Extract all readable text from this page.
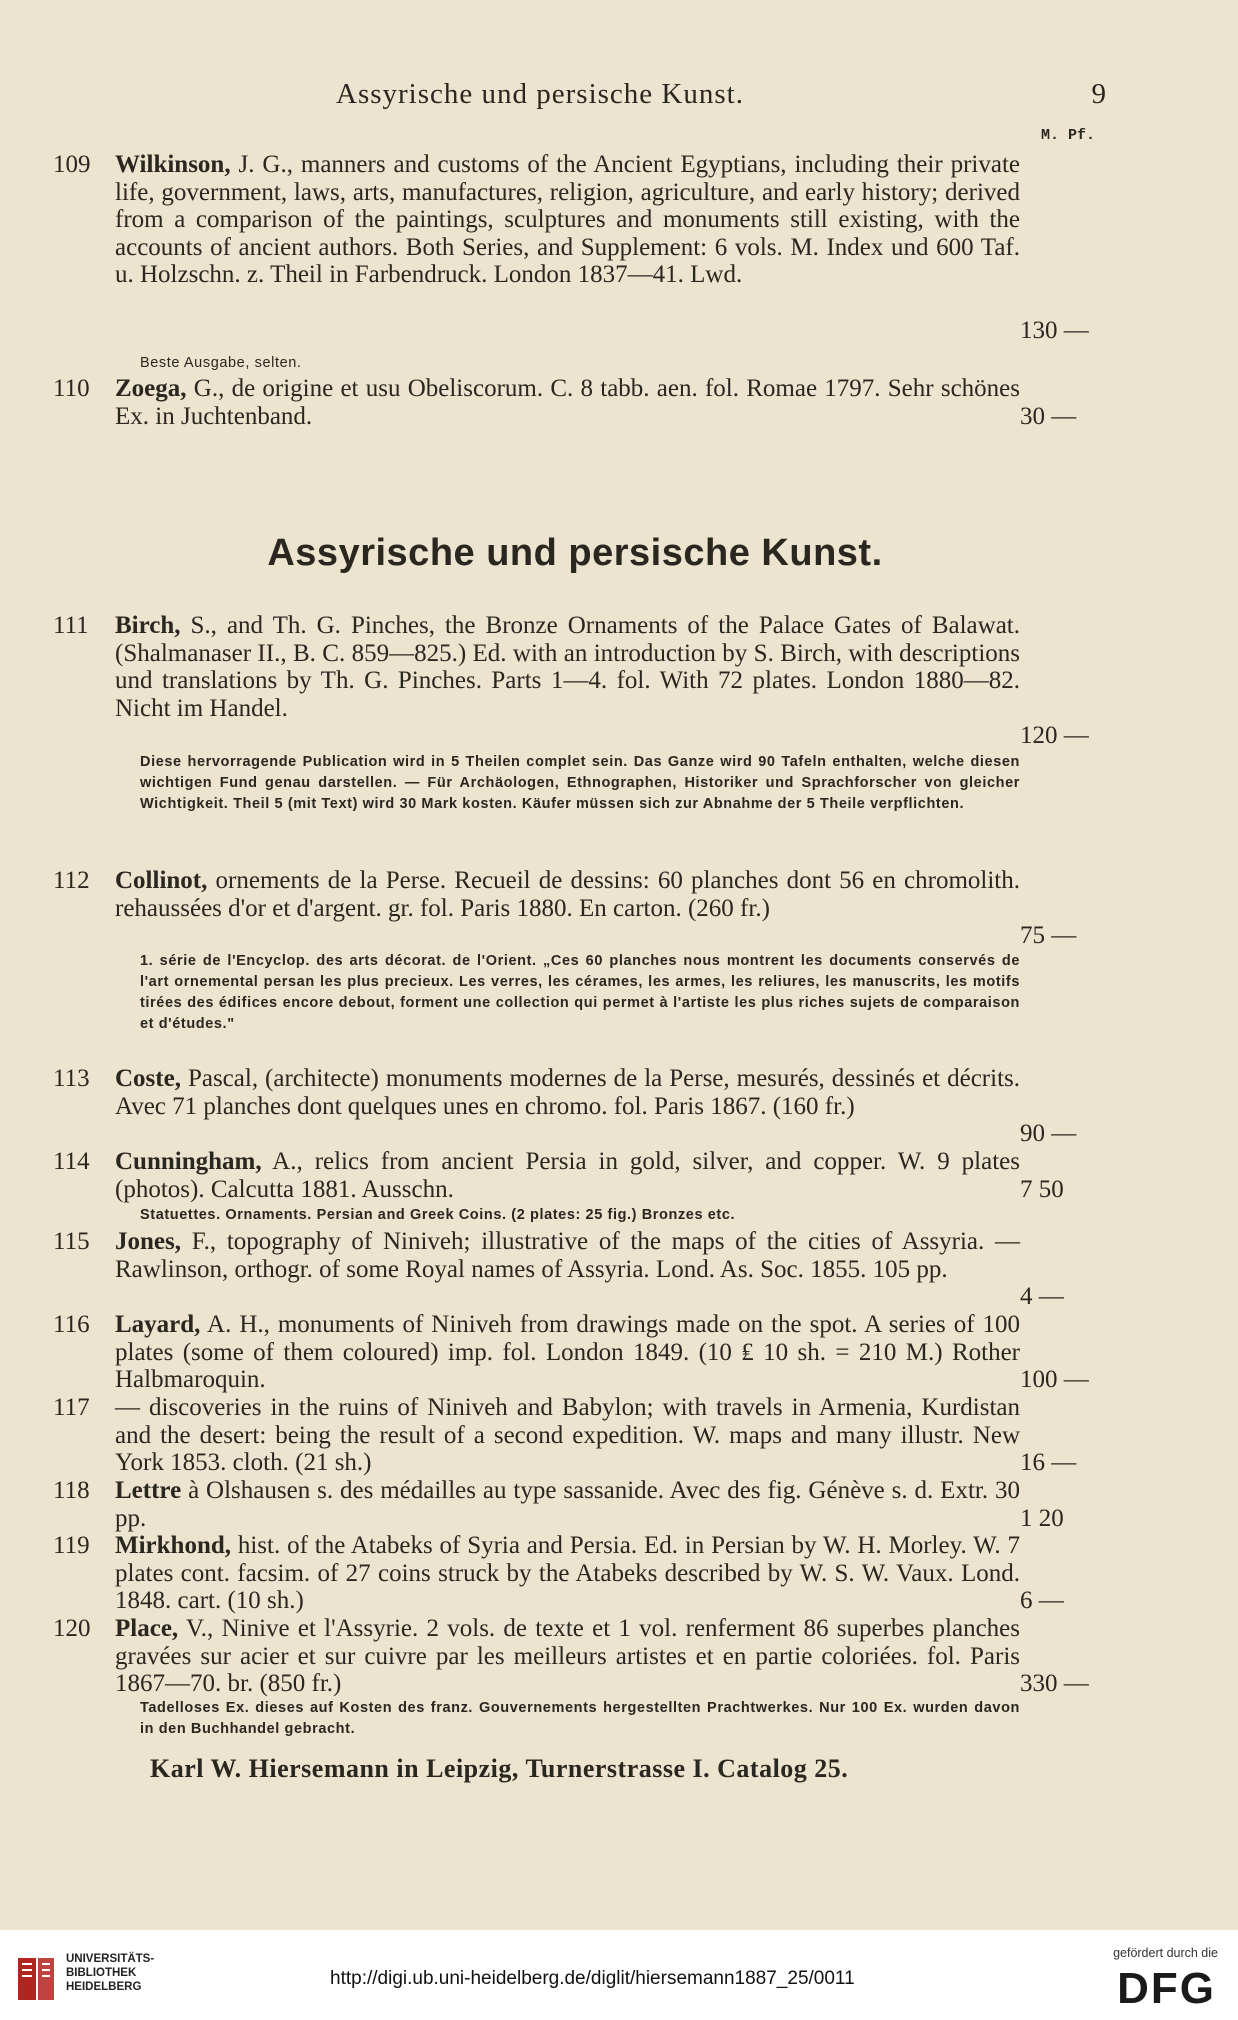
Assyrische und persische Kunst.	9
M. Pf.
109 Wilkinson, J. G., manners and customs of the Ancient Egyptians, including their private life, government, laws, arts, manufactures, religion, agriculture, and early history; derived from a comparison of the paintings, sculptures and monuments still existing, with the accounts of ancient authors. Both Series, and Supplement: 6 vols. M. Index und 600 Taf. u. Holzschn. z. Theil in Farbendruck. London 1837—41. Lwd.
130 —
Beste Ausgabe, selten.
110	Zoega, G., de origine et usu Obeliscorum. C. 8 tabb. aen. fol. Romae 1797. Sehr schönes Ex. in Juchtenband.	30 —
Assyrische und persische Kunst.
111	Birch, S., and Th. G. Pinches, the Bronze Ornaments of the Palace Gates of Balawat. (Shalmanaser II., B. C. 859—825.) Ed. with an introduction by S. Birch, with descriptions und translations by Th. G. Pinches. Parts 1—4. fol. With 72 plates. London 1880—82. Nicht im Handel.
120 —
Diese hervorragende Publication wird in 5 Theilen complet sein. Das Ganze wird 90 Tafeln enthalten, welche diesen wichtigen Fund genau darstellen. — Für Archäologen, Ethnographen, Historiker und Sprachforscher von gleicher Wichtigkeit. Theil 5 (mit Text) wird 30 Mark kosten. Käufer müssen sich zur Abnahme der 5 Theile verpflichten.
112	Collinot, ornements de la Perse. Recueil de dessins: 60 planches dont 56 en chromolith. rehaussées d'or et d'argent. gr. fol. Paris 1880. En carton. (260 fr.)
75 —
1. série de l'Encyclop. des arts décorat. de l'Orient. „Ces 60 planches nous montrent les documents conservés de l'art ornemental persan les plus precieux. Les verres, les cérames, les armes, les reliures, les manuscrits, les motifs tirées des édifices encore debout, forment une collection qui permet à l'artiste les plus riches sujets de comparaison et d'études."
113	Coste, Pascal, (architecte) monuments modernes de la Perse, mesurés, dessinés et décrits. Avec 71 planches dont quelques unes en chromo. fol. Paris 1867. (160 fr.)
90 —
114	Cunningham, A., relics from ancient Persia in gold, silver, and copper. W. 9 plates (photos). Calcutta 1881. Ausschn.	7 50
Statuettes. Ornaments. Persian and Greek Coins. (2 plates: 25 fig.) Bronzes etc.
115	Jones, F., topography of Niniveh; illustrative of the maps of the cities of Assyria. — Rawlinson, orthogr. of some Royal names of Assyria. Lond. As. Soc. 1855. 105 pp.
4 —
116	Layard, A. H., monuments of Niniveh from drawings made on the spot. A series of 100 plates (some of them coloured) imp. fol. London 1849. (10 ₤ 10 sh. = 210 M.) Rother Halbmaroquin.	100 —
117	— discoveries in the ruins of Niniveh and Babylon; with travels in Armenia, Kurdistan and the desert: being the result of a second expedition. W. maps and many illustr. New York 1853. cloth. (21 sh.)	16 —
118	Lettre à Olshausen s. des médailles au type sassanide. Avec des fig. Génève s. d. Extr. 30 pp.	1 20
119	Mirkhond, hist. of the Atabeks of Syria and Persia. Ed. in Persian by W. H. Morley. W. 7 plates cont. facsim. of 27 coins struck by the Atabeks described by W. S. W. Vaux. Lond. 1848. cart. (10 sh.)	6 —
120 Place, V., Ninive et l'Assyrie. 2 vols. de texte et 1 vol. renferment 86 superbes planches gravées sur acier et sur cuivre par les meilleurs artistes et en partie coloriées. fol. Paris 1867—70. br. (850 fr.)	330 —
Tadelloses Ex. dieses auf Kosten des franz. Gouvernements hergestellten Prachtwerkes. Nur 100 Ex. wurden davon in den Buchhandel gebracht.
Karl W. Hiersemann in Leipzig, Turnerstrasse I. Catalog 25.
UNIVERSITÄTS-
BIBLIOTHEK
HEIDELBERG	http://digi.ub.uni-heidelberg.de/diglit/hiersemann1887_25/0011
gefördert durch die
DFG
